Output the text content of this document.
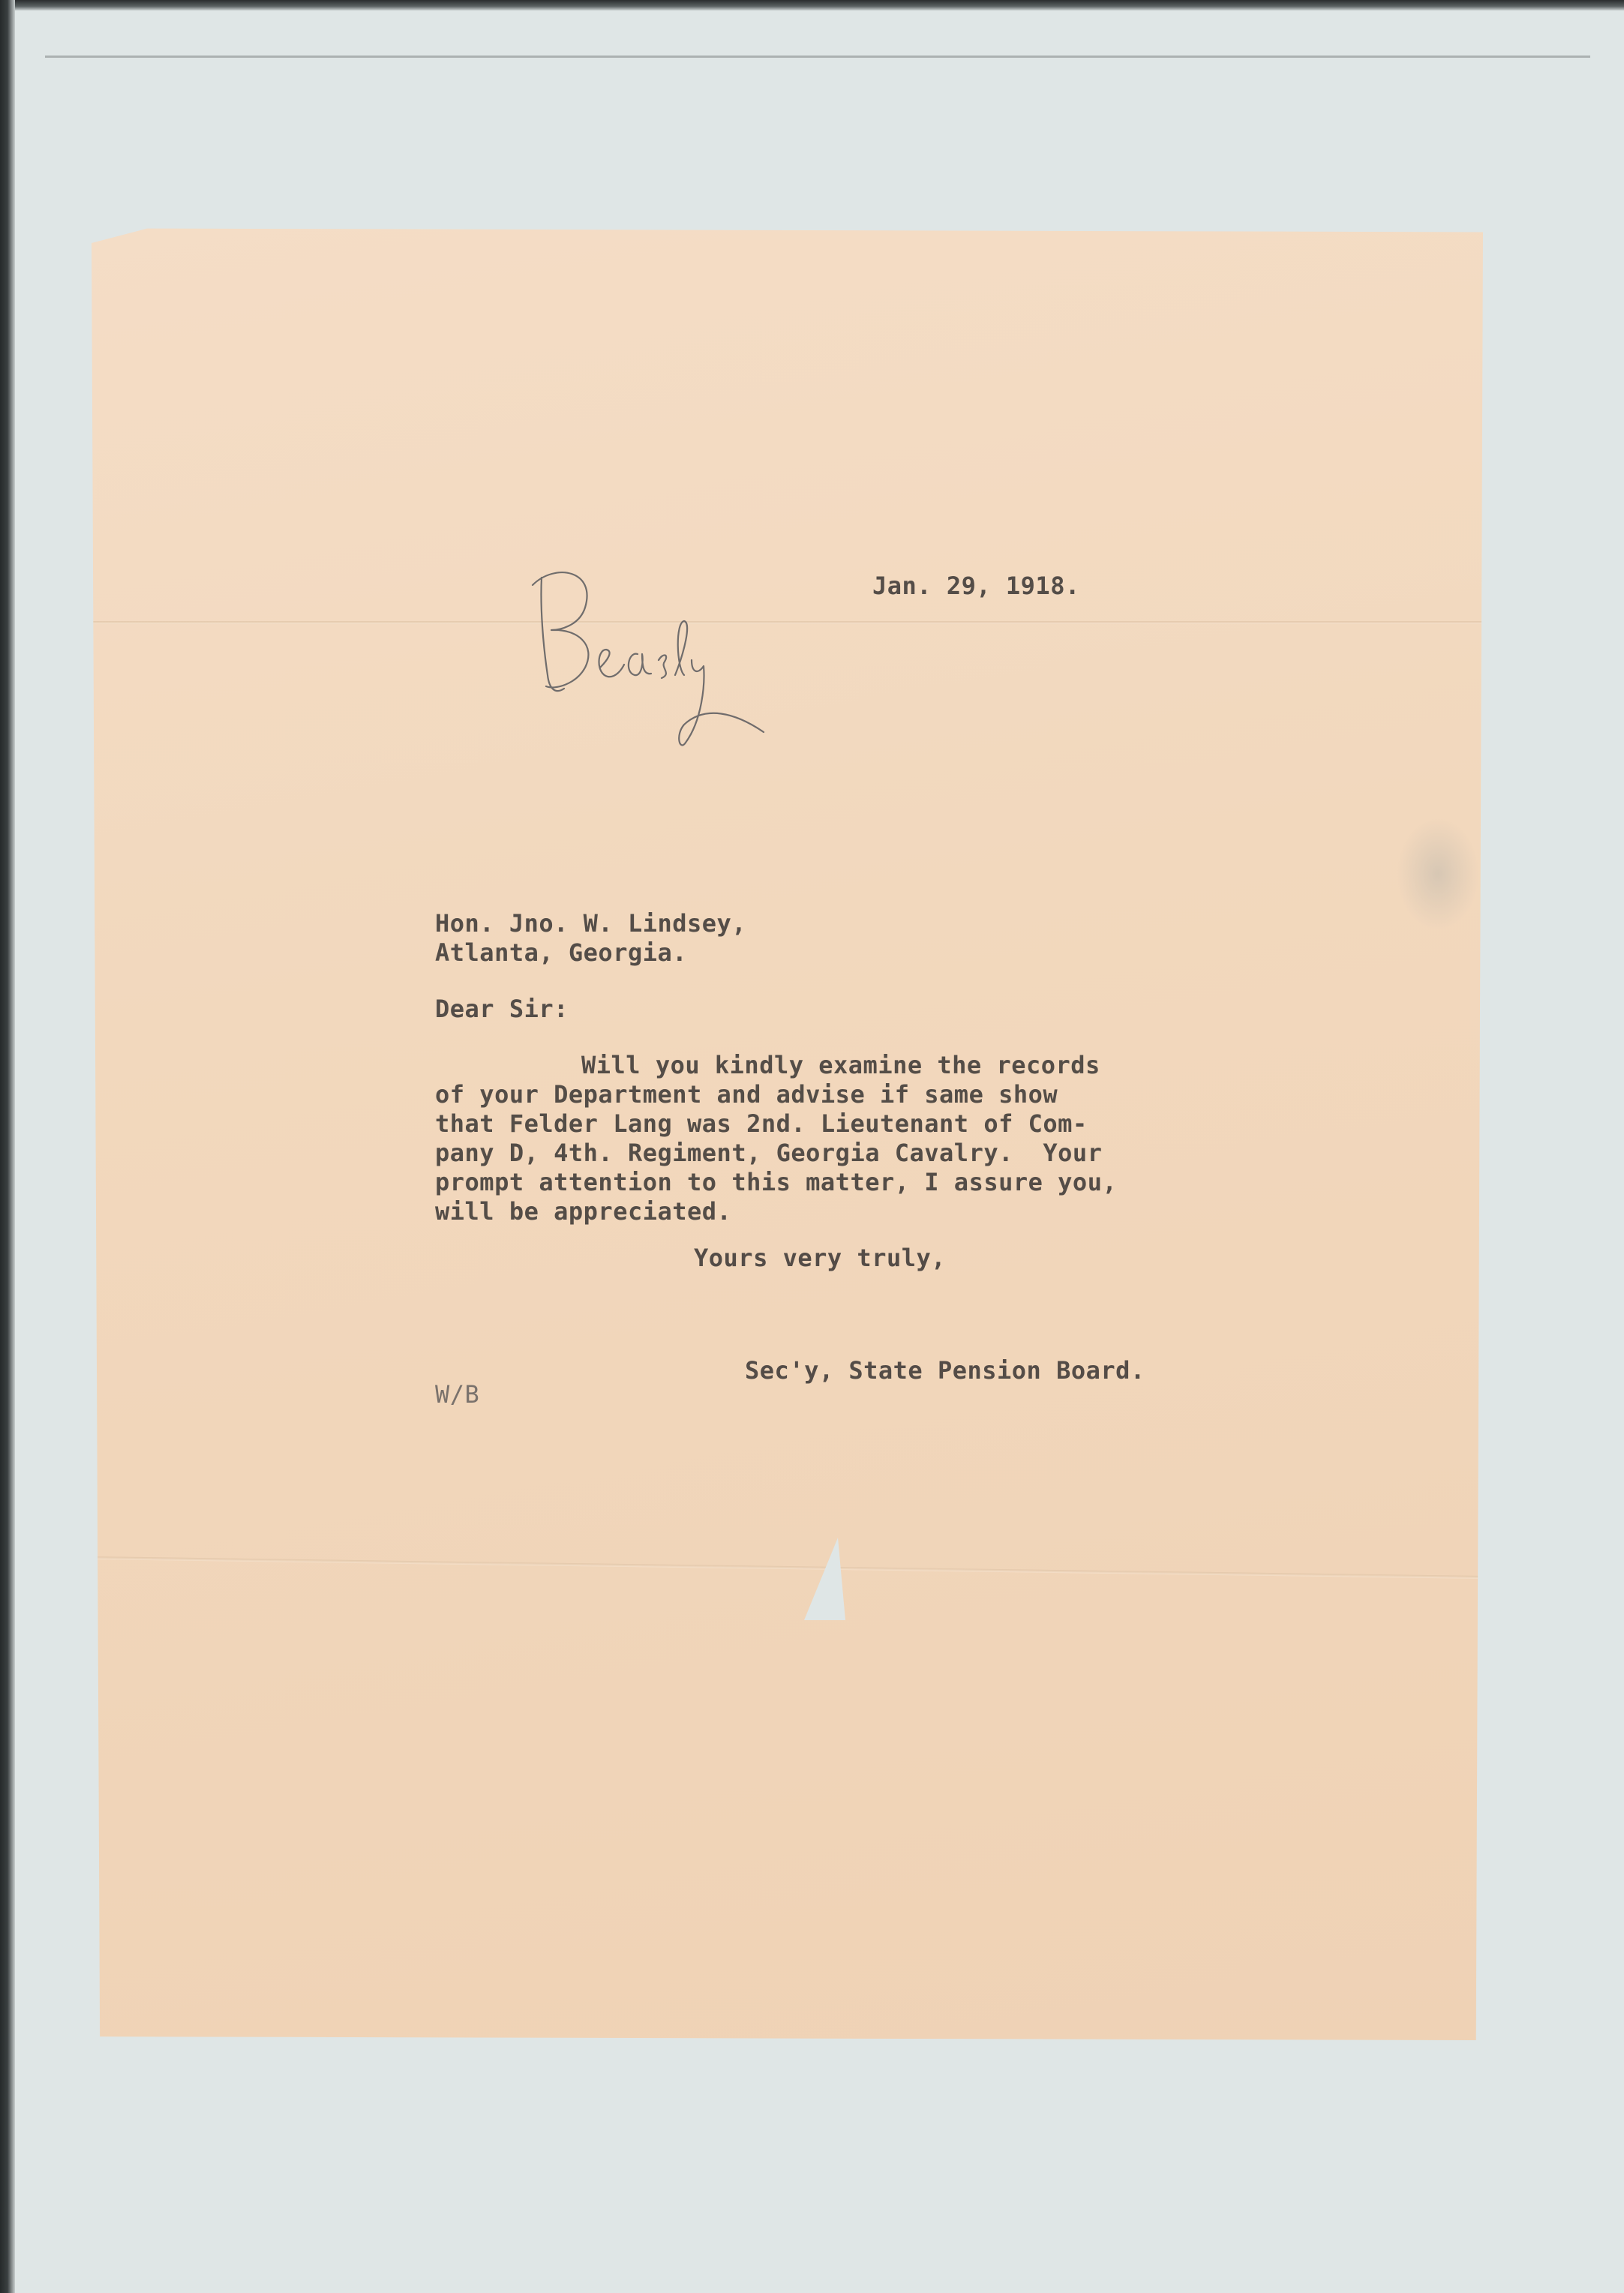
Jan. 29, 1918.
Hon. Jno. W. Lindsey,
Atlanta, Georgia.
Dear Sir:
Will you kindly examine the records
of your Department and advise if same show
that Felder Lang was 2nd. Lieutenant of Com-
pany D, 4th. Regiment, Georgia Cavalry.  Your
prompt attention to this matter, I assure you,
will be appreciated.
Yours very truly,
Sec'y, State Pension Board.
W/B
